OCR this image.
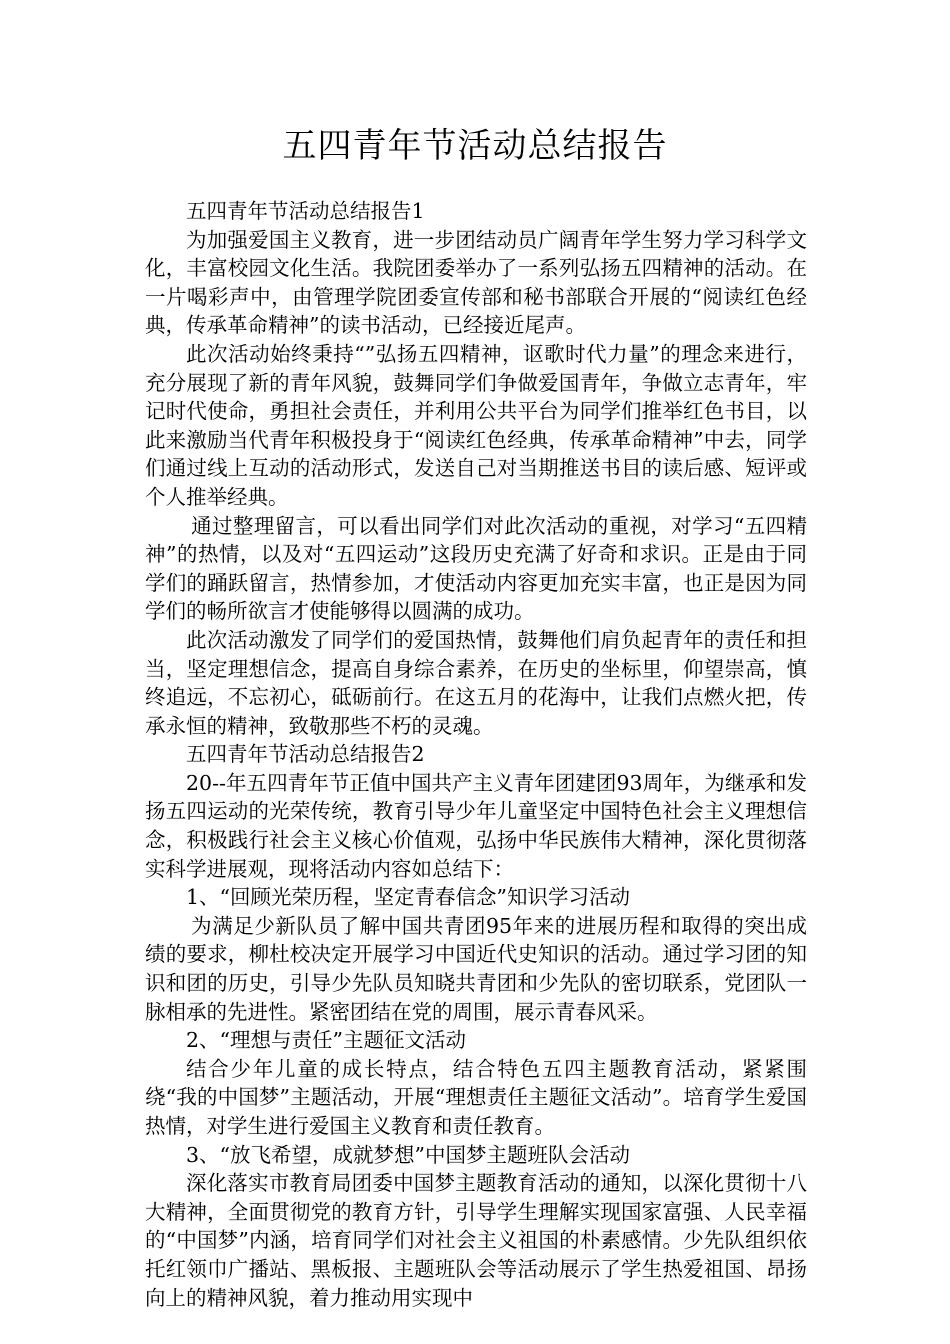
五四青年节活动总结报告

五四青年节活动总结报告1

为加强爱国主义教育，进一步团结动员广阔青年学生努力学习科学文化，丰富校园文化生活。我院团委举办了一系列弘扬五四精神的活动。在一片喝彩声中，由管理学院团委宣传部和秘书部联合开展的“阅读红色经典，传承革命精神”的读书活动，已经接近尾声。

此次活动始终秉持“”弘扬五四精神，讴歌时代力量”的理念来进行，充分展现了新的青年风貌，鼓舞同学们争做爱国青年，争做立志青年，牢记时代使命，勇担社会责任，并利用公共平台为同学们推举红色书目，以此来激励当代青年积极投身于“阅读红色经典，传承革命精神”中去，同学们通过线上互动的活动形式，发送自己对当期推送书目的读后感、短评或个人推举经典。

通过整理留言，可以看出同学们对此次活动的重视，对学习“五四精神”的热情，以及对“五四运动”这段历史充满了好奇和求识。正是由于同学们的踊跃留言，热情参加，才使活动内容更加充实丰富，也正是因为同学们的畅所欲言才使能够得以圆满的成功。

此次活动激发了同学们的爱国热情，鼓舞他们肩负起青年的责任和担当，坚定理想信念，提高自身综合素养，在历史的坐标里，仰望崇高，慎终追远，不忘初心，砥砺前行。在这五月的花海中，让我们点燃火把，传承永恒的精神，致敬那些不朽的灵魂。

五四青年节活动总结报告2

20--年五四青年节正值中国共产主义青年团建团93周年，为继承和发扬五四运动的光荣传统，教育引导少年儿童坚定中国特色社会主义理想信念，积极践行社会主义核心价值观，弘扬中华民族伟大精神，深化贯彻落实科学进展观，现将活动内容如总结下：

1、“回顾光荣历程，坚定青春信念”知识学习活动

为满足少新队员了解中国共青团95年来的进展历程和取得的突出成绩的要求，柳杜校决定开展学习中国近代史知识的活动。通过学习团的知识和团的历史，引导少先队员知晓共青团和少先队的密切联系，党团队一脉相承的先进性。紧密团结在党的周围，展示青春风采。

2、“理想与责任”主题征文活动

结合少年儿童的成长特点，结合特色五四主题教育活动，紧紧围绕“我的中国梦”主题活动，开展“理想责任主题征文活动”。培育学生爱国热情，对学生进行爱国主义教育和责任教育。

3、“放飞希望，成就梦想”中国梦主题班队会活动

深化落实市教育局团委中国梦主题教育活动的通知，以深化贯彻十八大精神，全面贯彻党的教育方针，引导学生理解实现国家富强、人民幸福的“中国梦”内涵，培育同学们对社会主义祖国的朴素感情。少先队组织依托红领巾广播站、黑板报、主题班队会等活动展示了学生热爱祖国、昂扬向上的精神风貌，着力推动用实现中
